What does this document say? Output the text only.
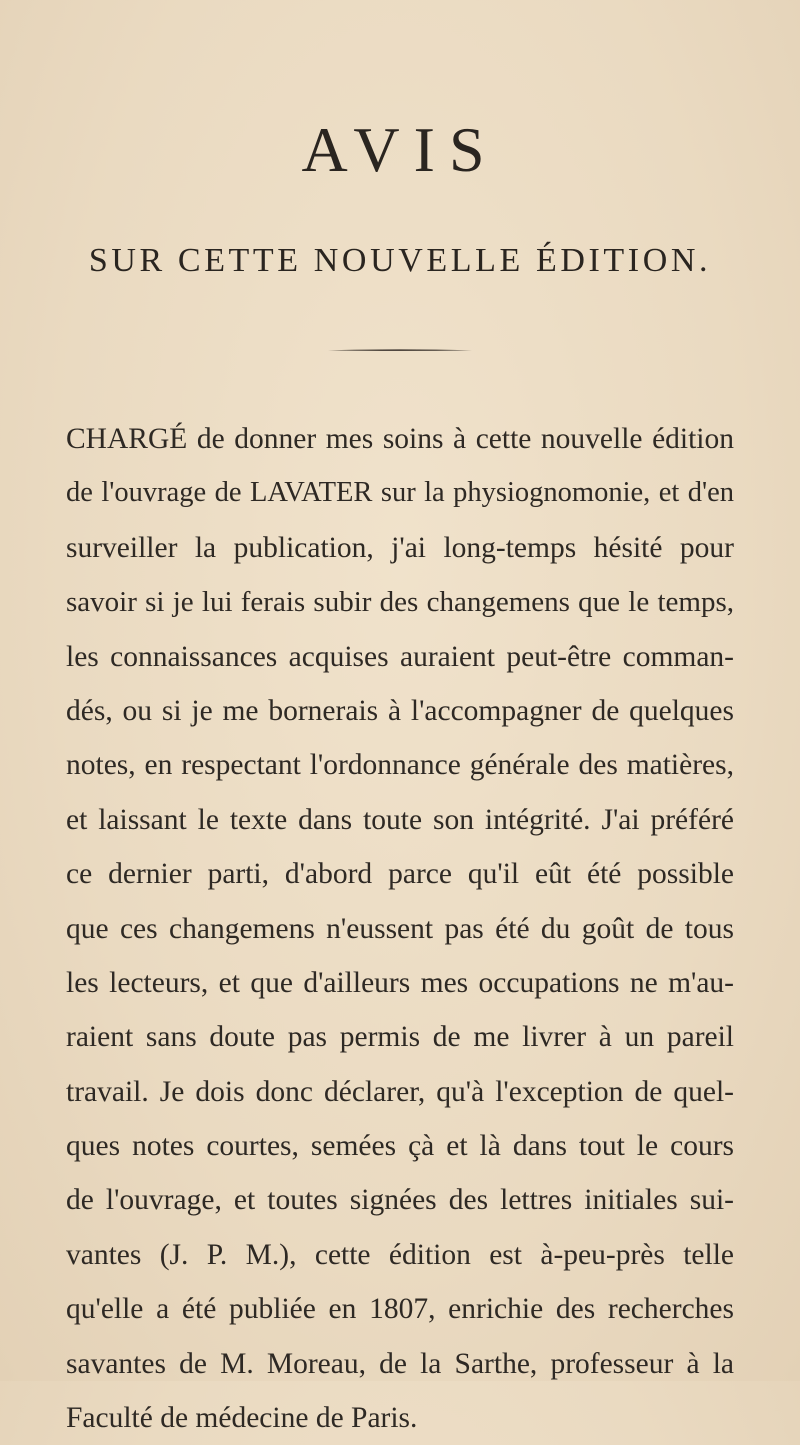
AVIS
SUR CETTE NOUVELLE ÉDITION.
CHARGÉ de donner mes soins à cette nouvelle édition
de l'ouvrage de LAVATER sur la physiognomonie, et d'en
surveiller la publication, j'ai long-temps hésité pour
savoir si je lui ferais subir des changemens que le temps,
les connaissances acquises auraient peut-être comman-
dés, ou si je me bornerais à l'accompagner de quelques
notes, en respectant l'ordonnance générale des matières,
et laissant le texte dans toute son intégrité. J'ai préféré
ce dernier parti, d'abord parce qu'il eût été possible
que ces changemens n'eussent pas été du goût de tous
les lecteurs, et que d'ailleurs mes occupations ne m'au-
raient sans doute pas permis de me livrer à un pareil
travail. Je dois donc déclarer, qu'à l'exception de quel-
ques notes courtes, semées çà et là dans tout le cours
de l'ouvrage, et toutes signées des lettres initiales sui-
vantes (J. P. M.), cette édition est à-peu-près telle
qu'elle a été publiée en 1807, enrichie des recherches
savantes de M. Moreau, de la Sarthe, professeur à la
Faculté de médecine de Paris.
